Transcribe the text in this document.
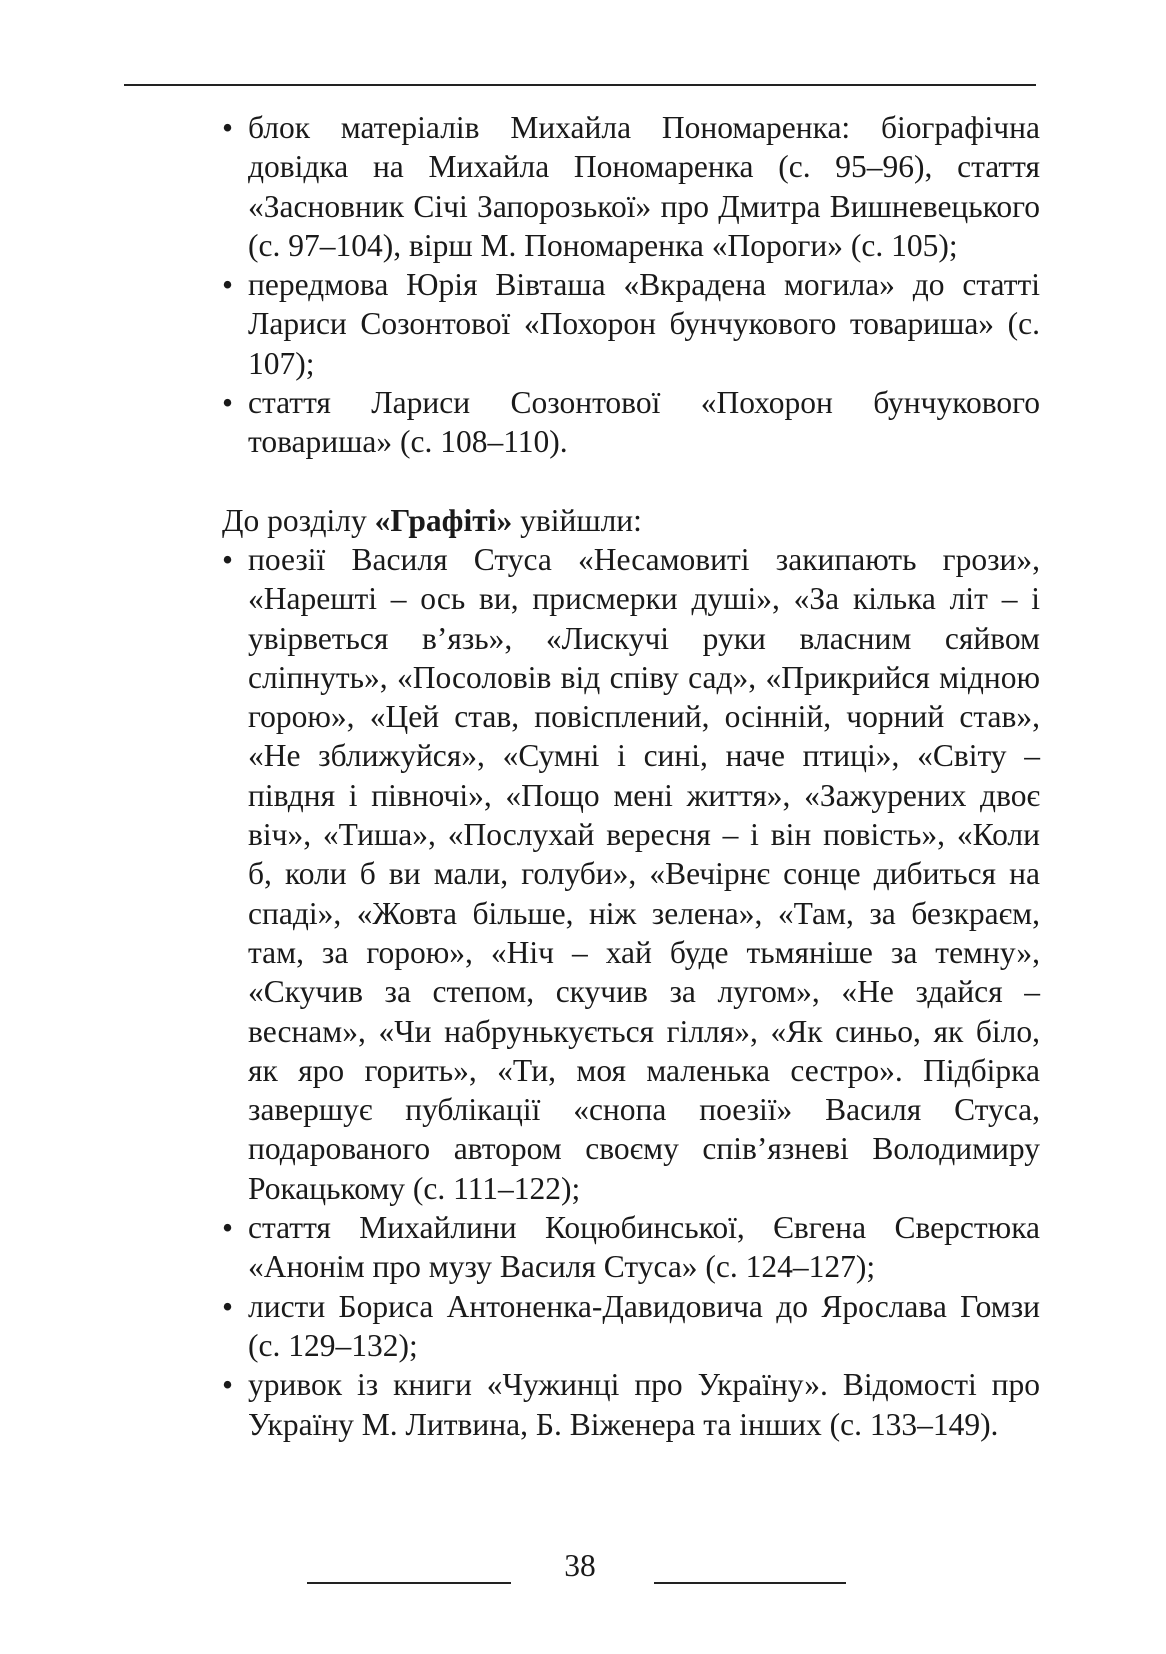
• блок матеріалів Михайла Пономаренка: біографічна довідка на Михайла Пономаренка (с. 95–96), стаття «Засновник Січі Запорозької» про Дмитра Вишневецького (с. 97–104), вірш М. Пономаренка «Пороги» (с. 105);
• передмова Юрія Вівташа «Вкрадена могила» до статті Лариси Созонтової «Похорон бунчукового товариша» (с. 107);
• стаття Лариси Созонтової «Похорон бунчукового товариша» (с. 108–110).

До розділу «Графіті» увійшли:

• поезії Василя Стуса «Несамовиті закипають грози», «Нарешті – ось ви, присмерки душі», «За кілька літ – і увірветься в’язь», «Лискучі руки власним сяйвом сліпнуть», «Посоловів від співу сад», «Прикрийся мідною горою», «Цей став, повісплений, осінній, чорний став», «Не зближуйся», «Сумні і сині, наче птиці», «Світу – півдня і півночі», «Пощо мені життя», «Зажурених двоє віч», «Тиша», «Послухай вересня – і він повість», «Коли б, коли б ви мали, голуби», «Вечірнє сонце дибиться на спаді», «Жовта більше, ніж зелена», «Там, за безкраєм, там, за горою», «Ніч – хай буде тьмяніше за темну», «Скучив за степом, скучив за лугом», «Не здайся – веснам», «Чи набрунькується гілля», «Як синьо, як біло, як яро горить», «Ти, моя маленька сестро». Підбірка завершує публікації «снопа поезії» Василя Стуса, подарованого автором своєму спів’язневі Володимиру Рокацькому (с. 111–122);
• стаття Михайлини Коцюбинської, Євгена Сверстюка «Анонім про музу Василя Стуса» (с. 124–127);
• листи Бориса Антоненка-Давидовича до Ярослава Гомзи (с. 129–132);
• уривок із книги «Чужинці про Україну». Відомості про Україну М. Литвина, Б. Віженера та інших (с. 133–149).
38
